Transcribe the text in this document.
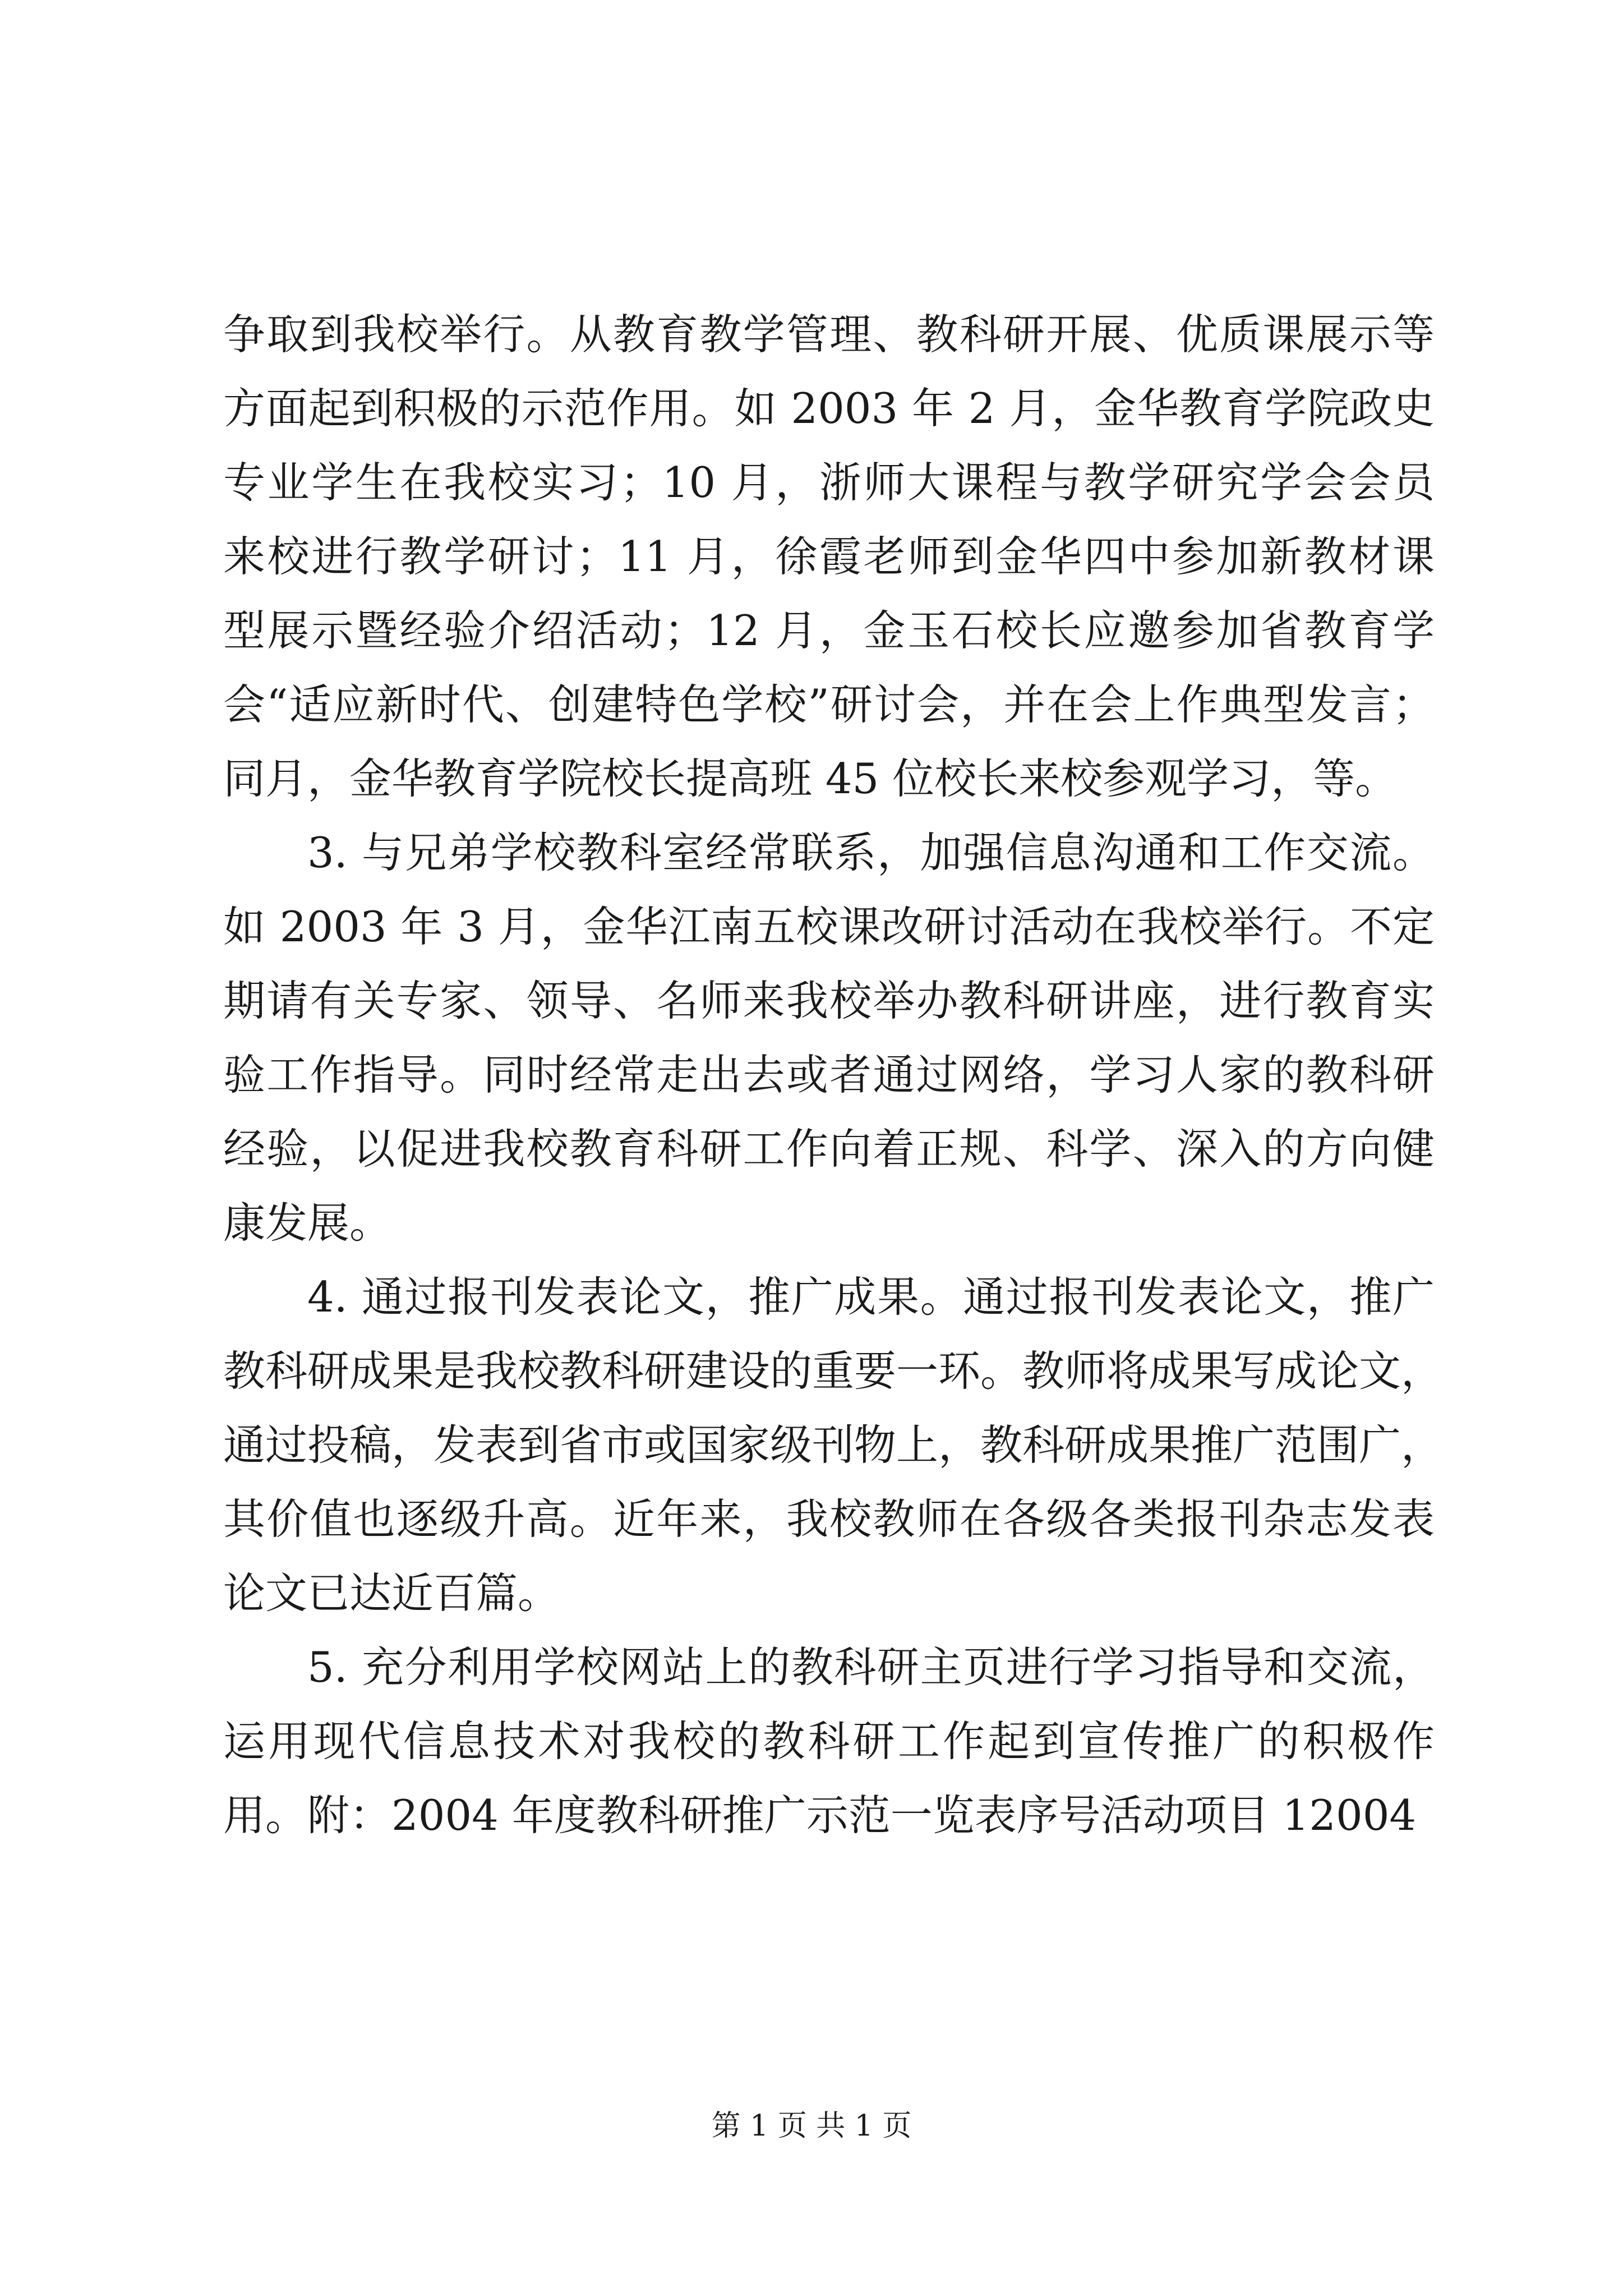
争取到我校举行。从教育教学管理、教科研开展、优质课展示等
方面起到积极的示范作用。如 2003 年 2 月，金华教育学院政史
专业学生在我校实习；10 月，浙师大课程与教学研究学会会员
来校进行教学研讨；11 月，徐霞老师到金华四中参加新教材课
型展示暨经验介绍活动；12 月，金玉石校长应邀参加省教育学
会“适应新时代、创建特色学校”研讨会，并在会上作典型发言；
同月，金华教育学院校长提高班 45 位校长来校参观学习，等。
3. 与兄弟学校教科室经常联系，加强信息沟通和工作交流。
如 2003 年 3 月，金华江南五校课改研讨活动在我校举行。不定
期请有关专家、领导、名师来我校举办教科研讲座，进行教育实
验工作指导。同时经常走出去或者通过网络，学习人家的教科研
经验，以促进我校教育科研工作向着正规、科学、深入的方向健
康发展。
4. 通过报刊发表论文，推广成果。通过报刊发表论文，推广
教科研成果是我校教科研建设的重要一环。教师将成果写成论文，
通过投稿，发表到省市或国家级刊物上，教科研成果推广范围广，
其价值也逐级升高。近年来，我校教师在各级各类报刊杂志发表
论文已达近百篇。
5. 充分利用学校网站上的教科研主页进行学习指导和交流，
运用现代信息技术对我校的教科研工作起到宣传推广的积极作
用。附：2004 年度教科研推广示范一览表序号活动项目 12004
第 1 页 共 1 页
